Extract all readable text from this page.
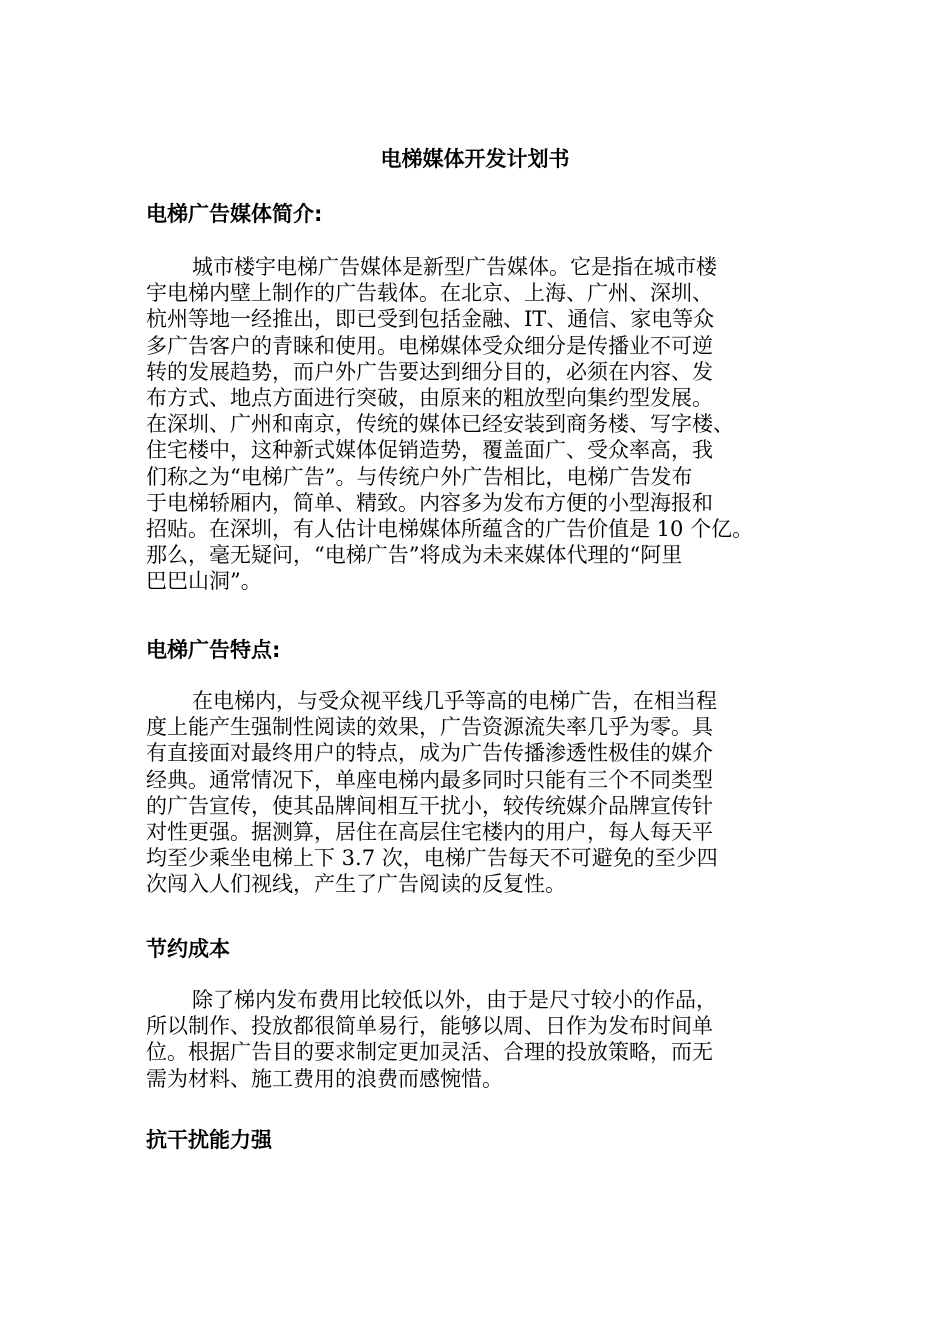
电梯媒体开发计划书
电梯广告媒体简介:
城市楼宇电梯广告媒体是新型广告媒体。它是指在城市楼
宇电梯内壁上制作的广告载体。在北京、上海、广州、深圳、
杭州等地一经推出，即已受到包括金融、IT、通信、家电等众
多广告客户的青睐和使用。电梯媒体受众细分是传播业不可逆
转的发展趋势，而户外广告要达到细分目的，必须在内容、发
布方式、地点方面进行突破，由原来的粗放型向集约型发展。
在深圳、广州和南京，传统的媒体已经安装到商务楼、写字楼、
住宅楼中，这种新式媒体促销造势，覆盖面广、受众率高，我
们称之为“电梯广告”。与传统户外广告相比，电梯广告发布
于电梯轿厢内，简单、精致。内容多为发布方便的小型海报和
招贴。在深圳，有人估计电梯媒体所蕴含的广告价值是 10 个亿。
那么，毫无疑问，“电梯广告”将成为未来媒体代理的“阿里
巴巴山洞”。
电梯广告特点:
在电梯内，与受众视平线几乎等高的电梯广告，在相当程
度上能产生强制性阅读的效果，广告资源流失率几乎为零。具
有直接面对最终用户的特点，成为广告传播渗透性极佳的媒介
经典。通常情况下，单座电梯内最多同时只能有三个不同类型
的广告宣传，使其品牌间相互干扰小，较传统媒介品牌宣传针
对性更强。据测算，居住在高层住宅楼内的用户，每人每天平
均至少乘坐电梯上下 3.7 次，电梯广告每天不可避免的至少四
次闯入人们视线，产生了广告阅读的反复性。
节约成本
除了梯内发布费用比较低以外，由于是尺寸较小的作品，
所以制作、投放都很简单易行，能够以周、日作为发布时间单
位。根据广告目的要求制定更加灵活、合理的投放策略，而无
需为材料、施工费用的浪费而感惋惜。
抗干扰能力强
